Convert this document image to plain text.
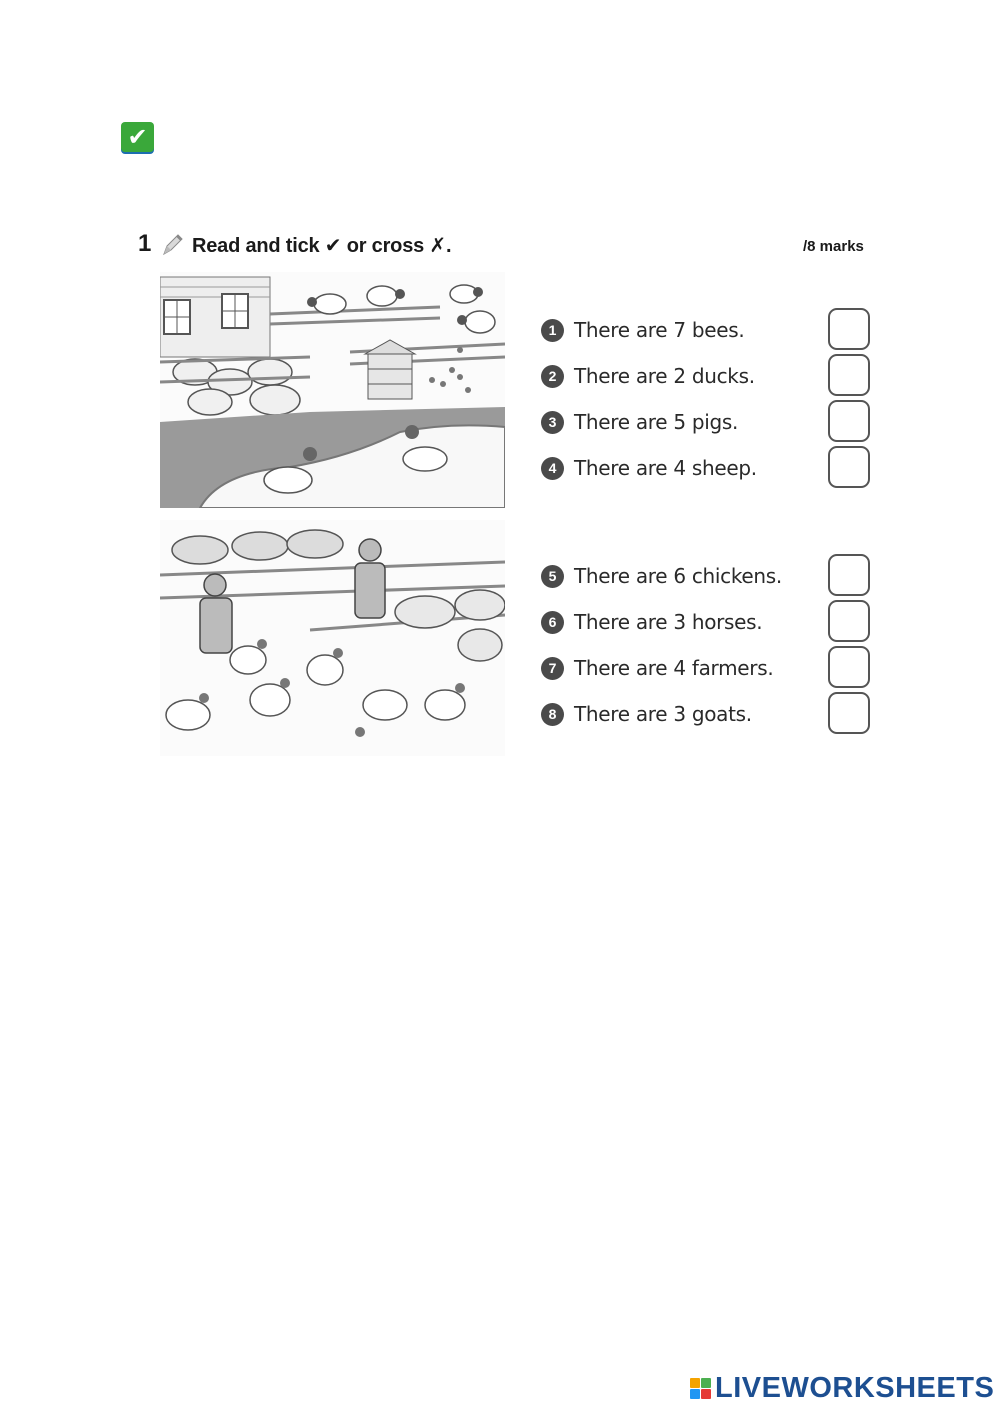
✔
1 Read and tick ✔ or cross ✗.	/8 marks
1 There are 7 bees.
2 There are 2 ducks.
3 There are 5 pigs.
4 There are 4 sheep.
5 There are 6 chickens.
6 There are 3 horses.
7 There are 4 farmers.
8 There are 3 goats.
LIVEWORKSHEETS
